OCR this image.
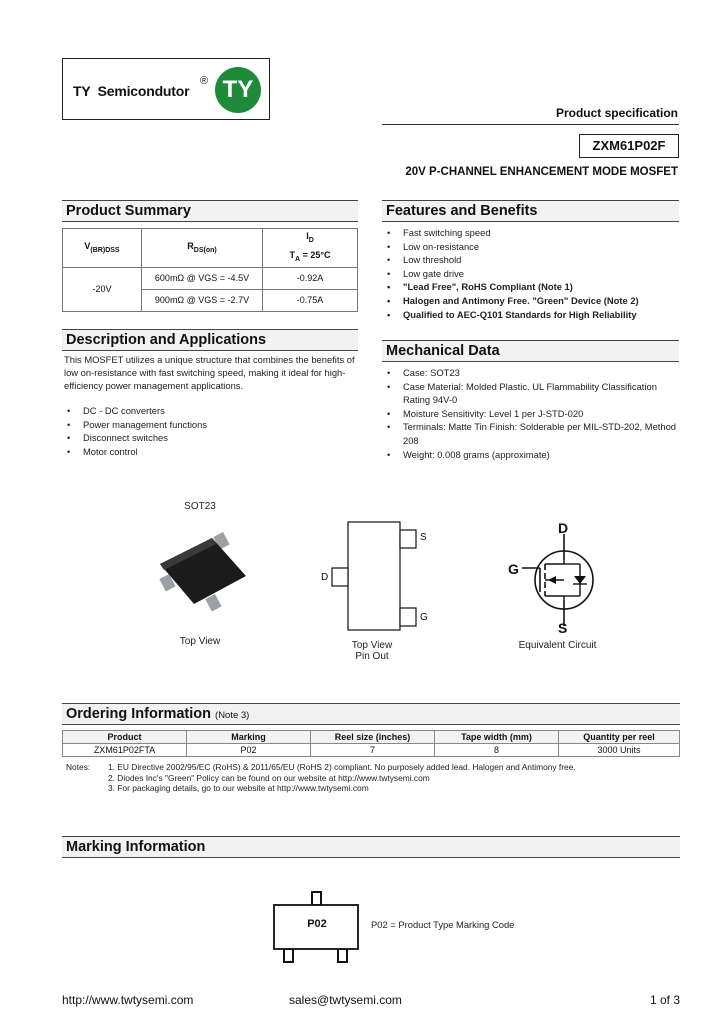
TY  Semicondutor
® TY
Product specification
ZXM61P02F
20V P-CHANNEL ENHANCEMENT MODE MOSFET
Product Summary
$V_{(BR)DSS}$	$R_{DS(on)}$	$I_D$
$T_A = 25^\circ C$
-20V	600mΩ @ VGS = -4.5V	-0.92A
	900mΩ @ VGS = -2.7V	-0.75A
Description and Applications
This MOSFET utilizes a unique structure that combines the benefits of low on-resistance with fast switching speed, making it ideal for high-efficiency power management applications.
• DC - DC converters
• Power management functions
• Disconnect switches
• Motor control
Features and Benefits
• Fast switching speed
• Low on-resistance
• Low threshold
• Low gate drive
• "Lead Free", RoHS Compliant (Note 1)
• Halogen and Antimony Free. "Green" Device (Note 2)
• Qualified to AEC-Q101 Standards for High Reliability
Mechanical Data
• Case: SOT23
• Case Material: Molded Plastic. UL Flammability Classification Rating 94V-0
• Moisture Sensitivity: Level 1 per J-STD-020
• Terminals: Matte Tin Finish: Solderable per MIL-STD-202, Method 208
• Weight: 0.008 grams (approximate)
SOT23
Top View
S
D
G
Top View
Pin Out
D
G
S
Equivalent Circuit
Ordering Information (Note 3)
Product	Marking	Reel size (inches)	Tape width (mm)	Quantity per reel
ZXM61P02FTA	P02	7	8	3000 Units
Notes: 1. EU Directive 2002/95/EC (RoHS) & 2011/65/EU (RoHS 2) compliant. No purposely added lead. Halogen and Antimony free.
2. Diodes Inc's "Green" Policy can be found on our website at http://www.twtysemi.com
3. For packaging details, go to our website at http://www.twtysemi.com
Marking Information
P02	P02 = Product Type Marking Code
http://www.twtysemi.com	sales@twtysemi.com	1 of 3
